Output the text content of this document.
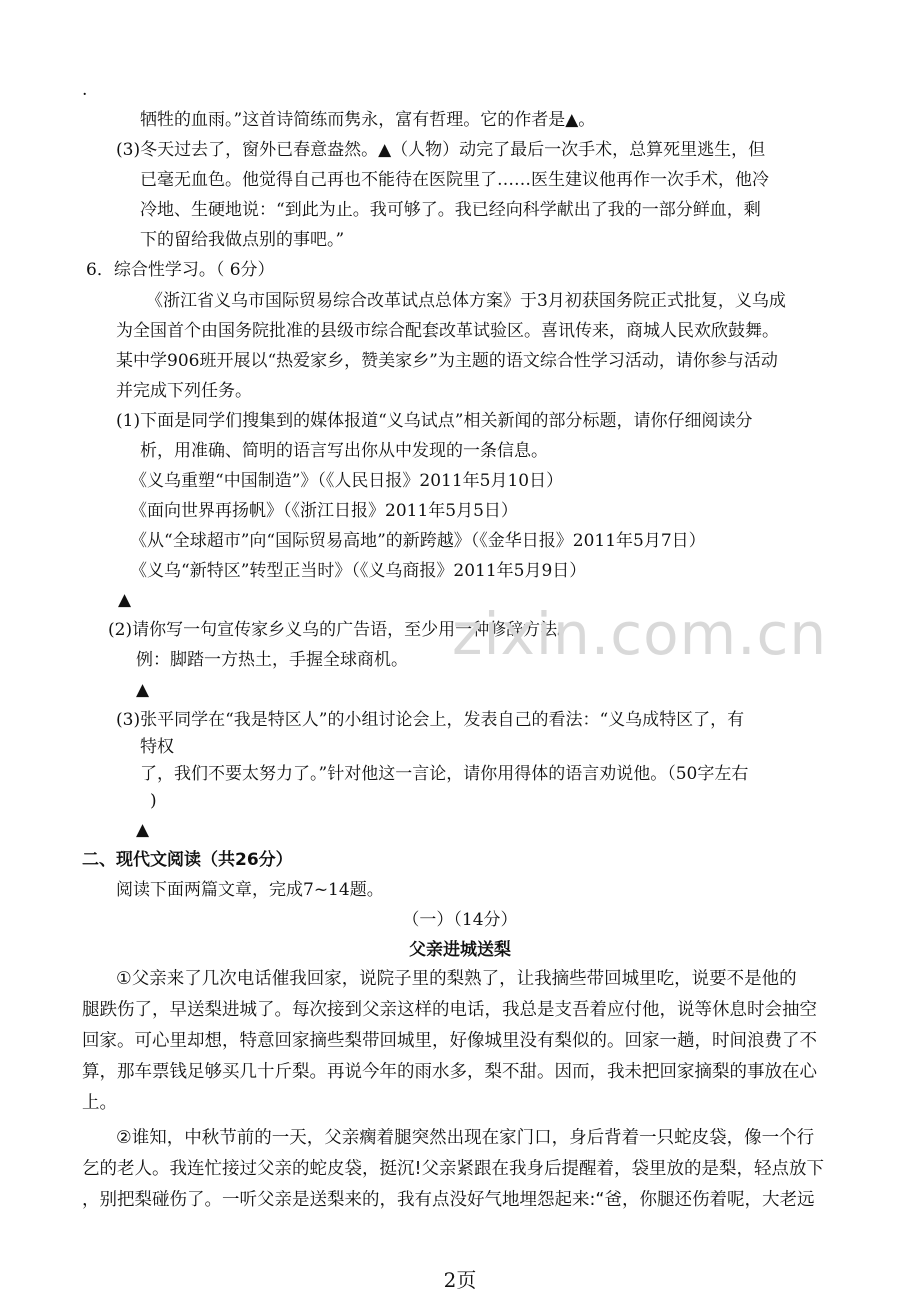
.
牺牲的血雨。”这首诗简练而隽永，富有哲理。它的作者是▲。
(3)冬天过去了，窗外已春意盎然。▲（人物）动完了最后一次手术，总算死里逃生，但
已毫无血色。他觉得自己再也不能待在医院里了……医生建议他再作一次手术，他冷
冷地、生硬地说：“到此为止。我可够了。我已经向科学献出了我的一部分鲜血，剩
下的留给我做点别的事吧。”
6．综合性学习。（ 6分）
《浙江省义乌市国际贸易综合改革试点总体方案》于3月初获国务院正式批复，义乌成
为全国首个由国务院批准的县级市综合配套改革试验区。喜讯传来，商城人民欢欣鼓舞。
某中学906班开展以“热爱家乡，赞美家乡”为主题的语文综合性学习活动，请你参与活动
并完成下列任务。
(1)下面是同学们搜集到的媒体报道“义乌试点”相关新闻的部分标题，请你仔细阅读分
析，用准确、简明的语言写出你从中发现的一条信息。
《义乌重塑“中国制造”》（《人民日报》2011年5月10日）
《面向世界再扬帆》（《浙江日报》2011年5月5日）
《从“全球超市”向“国际贸易高地”的新跨越》（《金华日报》2011年5月7日）
《义乌“新特区”转型正当时》（《义乌商报》2011年5月9日）
▲
(2)请你写一句宣传家乡义乌的广告语，至少用一种修辞方法。
例：脚踏一方热土，手握全球商机。
▲
(3)张平同学在“我是特区人”的小组讨论会上，发表自己的看法：“义乌成特区了，有
特权
了，我们不要太努力了。”针对他这一言论，请你用得体的语言劝说他。（50字左右
)
▲
二、现代文阅读（共26分）
阅读下面两篇文章，完成7~14题。
（一）（14分）
父亲进城送梨
①父亲来了几次电话催我回家，说院子里的梨熟了，让我摘些带回城里吃，说要不是他的
腿跌伤了，早送梨进城了。每次接到父亲这样的电话，我总是支吾着应付他，说等休息时会抽空
回家。可心里却想，特意回家摘些梨带回城里，好像城里没有梨似的。回家一趟，时间浪费了不
算，那车票钱足够买几十斤梨。再说今年的雨水多，梨不甜。因而，我未把回家摘梨的事放在心
上。
②谁知，中秋节前的一天，父亲瘸着腿突然出现在家门口，身后背着一只蛇皮袋，像一个行
乞的老人。我连忙接过父亲的蛇皮袋，挺沉!父亲紧跟在我身后提醒着，袋里放的是梨，轻点放下
，别把梨碰伤了。一听父亲是送梨来的，我有点没好气地埋怨起来:“爸，你腿还伤着呢，大老远
zixin.com.cn
2页
